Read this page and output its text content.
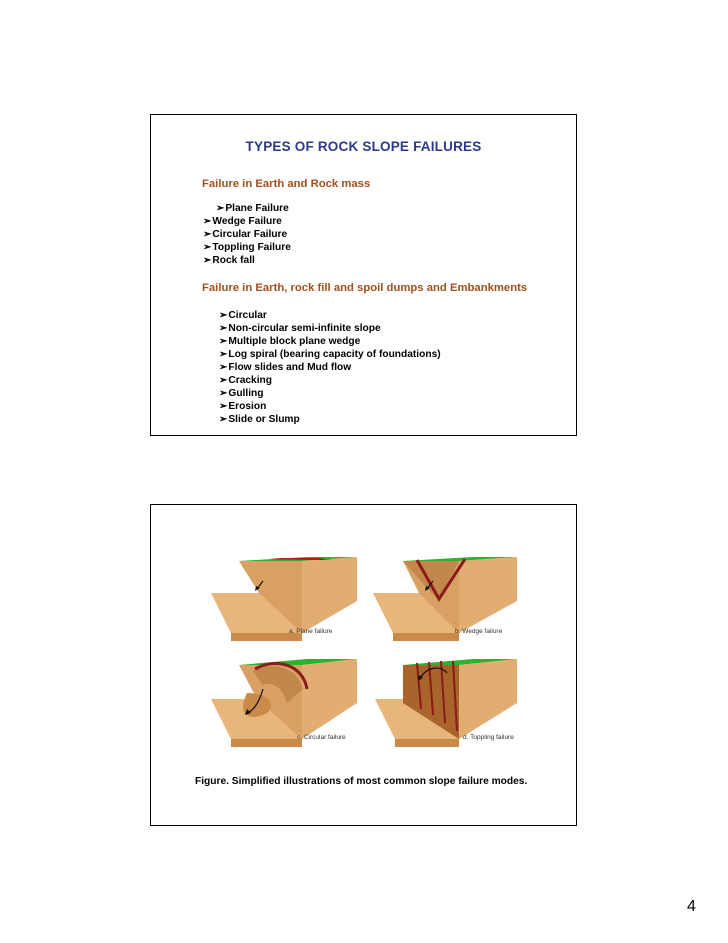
TYPES OF ROCK SLOPE FAILURES
Failure in Earth and Rock mass
➢Plane Failure
➢Wedge Failure
➢Circular Failure
➢Toppling Failure
➢Rock fall
Failure in Earth, rock fill and spoil dumps and Embankments
➢Circular
➢Non-circular semi-infinite slope
➢Multiple block plane wedge
➢Log spiral (bearing capacity of foundations)
➢Flow slides and Mud flow
➢Cracking
➢Gulling
➢Erosion
➢Slide or Slump
a. Plane failure	b. Wedge failure
c. Circular failure	d. Toppling failure
Figure. Simplified illustrations of most common slope failure modes.
4
